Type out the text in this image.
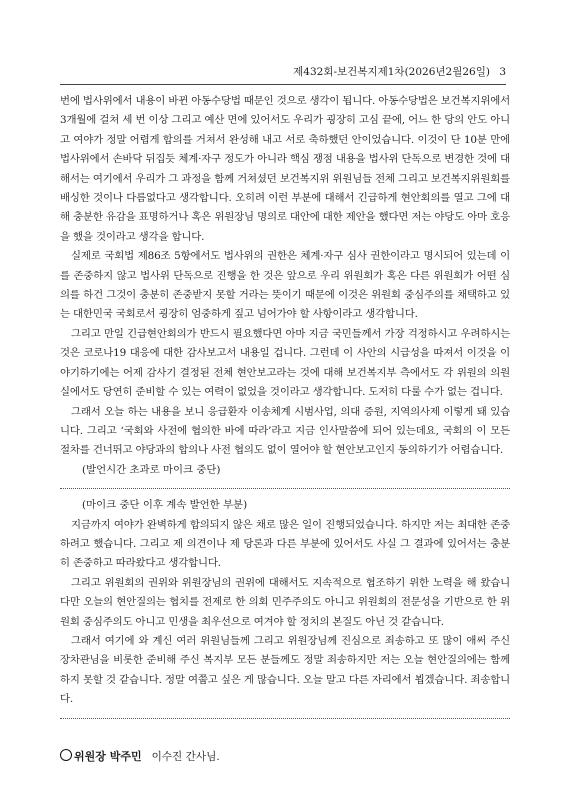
제432회-보건복지제1차(2026년2월26일) 3

번에 법사위에서 내용이 바뀐 아동수당법 때문인 것으로 생각이 됩니다. 아동수당법은 보건복지위에서 3개월에 걸쳐 세 번 이상 그리고 예산 면에 있어서도 우리가 굉장히 고심 끝에, 어느 한 당의 안도 아니고 여야가 정말 어렵게 합의를 거쳐서 완성해 내고 서로 축하했던 안이었습니다. 이것이 단 10분 만에 법사위에서 손바닥 뒤집듯 체계·자구 정도가 아니라 핵심 쟁점 내용을 법사위 단독으로 변경한 것에 대해서는 여기에서 우리가 그 과정을 함께 거쳐셨던 보건복지위 위원님들 전체 그리고 보건복지위원회를 배싱한 것이나 다름없다고 생각합니다. 오히려 이런 부분에 대해서 긴급하게 현안회의를 열고 그에 대해 충분한 유감을 표명하거나 혹은 위원장님 명의로 대안에 대한 제안을 했다면 저는 야당도 아마 호응을 했을 것이라고 생각을 합니다.

실제로 국회법 제86조 5항에서도 법사위의 권한은 체계·자구 심사 권한이라고 명시되어 있는데 이를 존중하지 않고 법사위 단독으로 진행을 한 것은 앞으로 우리 위원회가 혹은 다른 위원회가 어떤 심의를 하건 그것이 충분히 존중받지 못할 거라는 뜻이기 때문에 이것은 위원회 중심주의를 채택하고 있는 대한민국 국회로서 굉장히 엄중하게 짚고 넘어가야 할 사항이라고 생각합니다.

그리고 만일 긴급현안회의가 반드시 필요했다면 아마 지금 국민들께서 가장 걱정하시고 우려하시는 것은 코로나19 대응에 대한 감사보고서 내용일 겁니다. 그런데 이 사안의 시급성을 따져서 이것을 이야기하기에는 어제 감사기 결정된 전체 현안보고라는 것에 대해 보건복지부 측에서도 각 위원의 의원실에서도 당연히 준비할 수 있는 여력이 없었을 것이라고 생각합니다. 도저히 다룰 수가 없는 겁니다.

그래서 오늘 하는 내용을 보니 응급환자 이송체계 시범사업, 의대 증원, 지역의사제 이렇게 돼 있습니다. 그리고 ‘국회와 사전에 협의한 바에 따라’라고 지금 인사말씀에 되어 있는데요, 국회의 이 모든 절차를 건너뛰고 야당과의 합의나 사전 협의도 없이 열어야 할 현안보고인지 동의하기가 어렵습니다.

(발언시간 초과로 마이크 중단)

(마이크 중단 이후 계속 발언한 부분)

지금까지 여야가 완벽하게 합의되지 않은 채로 많은 일이 진행되었습니다. 하지만 저는 최대한 존중하려고 했습니다. 그리고 제 의견이나 제 당론과 다른 부분에 있어서도 사실 그 결과에 있어서는 충분히 존중하고 따라왔다고 생각합니다.

그리고 위원회의 권위와 위원장님의 권위에 대해서도 지속적으로 협조하기 위한 노력을 해 왔습니다만 오늘의 현안질의는 협치를 전제로 한 의회 민주주의도 아니고 위원회의 전문성을 기반으로 한 위원회 중심주의도 아니고 민생을 최우선으로 여겨야 할 정치의 본질도 아닌 것 같습니다.

그래서 여기에 와 계신 여러 위원님들께 그리고 위원장님께 진심으로 죄송하고 또 많이 애써 주신 장차관님을 비롯한 준비해 주신 복지부 모든 분들께도 정말 죄송하지만 저는 오늘 현안질의에는 함께하지 못할 것 같습니다. 정말 여쭙고 싶은 게 많습니다. 오늘 말고 다른 자리에서 뵙겠습니다. 죄송합니다.

위원장 박주민 이수진 간사님.
